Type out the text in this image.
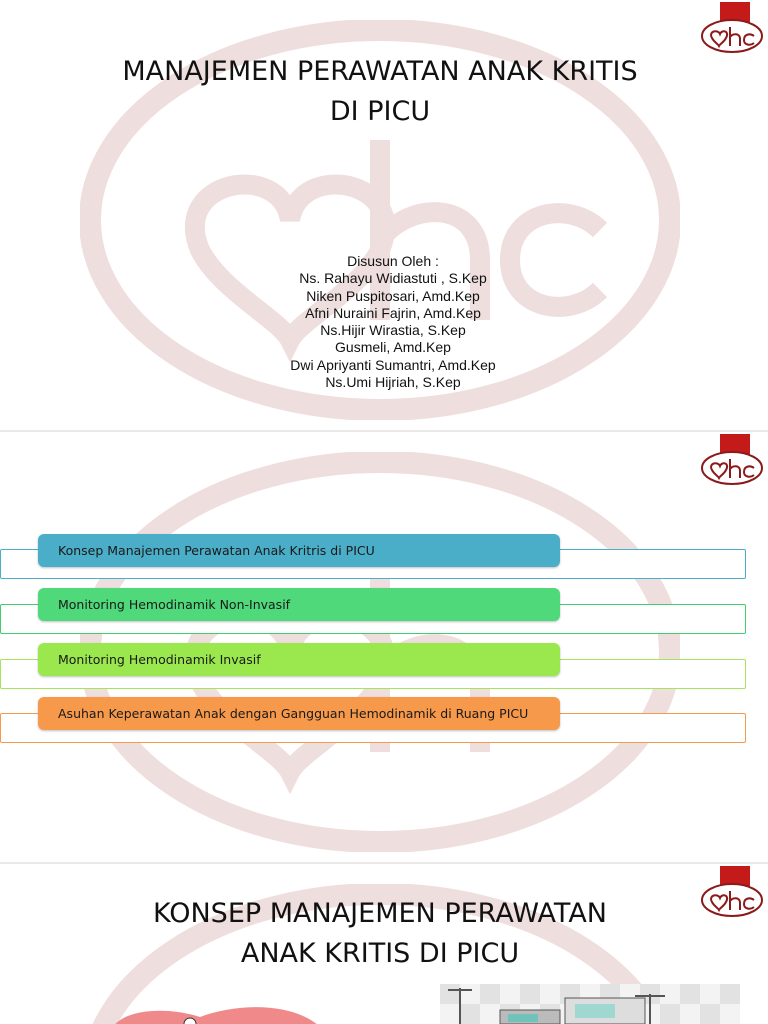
MANAJEMEN PERAWATAN ANAK KRITIS
DI PICU
Disusun Oleh :
Ns. Rahayu Widiastuti , S.Kep
Niken Puspitosari, Amd.Kep
Afni Nuraini Fajrin, Amd.Kep
Ns.Hijir Wirastia, S.Kep
Gusmeli, Amd.Kep
Dwi Apriyanti Sumantri, Amd.Kep
Ns.Umi Hijriah, S.Kep
Konsep Manajemen Perawatan Anak Kritris di PICU
Monitoring Hemodinamik Non-Invasif
Monitoring Hemodinamik Invasif
Asuhan Keperawatan Anak dengan Gangguan Hemodinamik di Ruang PICU
KONSEP MANAJEMEN PERAWATAN
ANAK KRITIS DI PICU
